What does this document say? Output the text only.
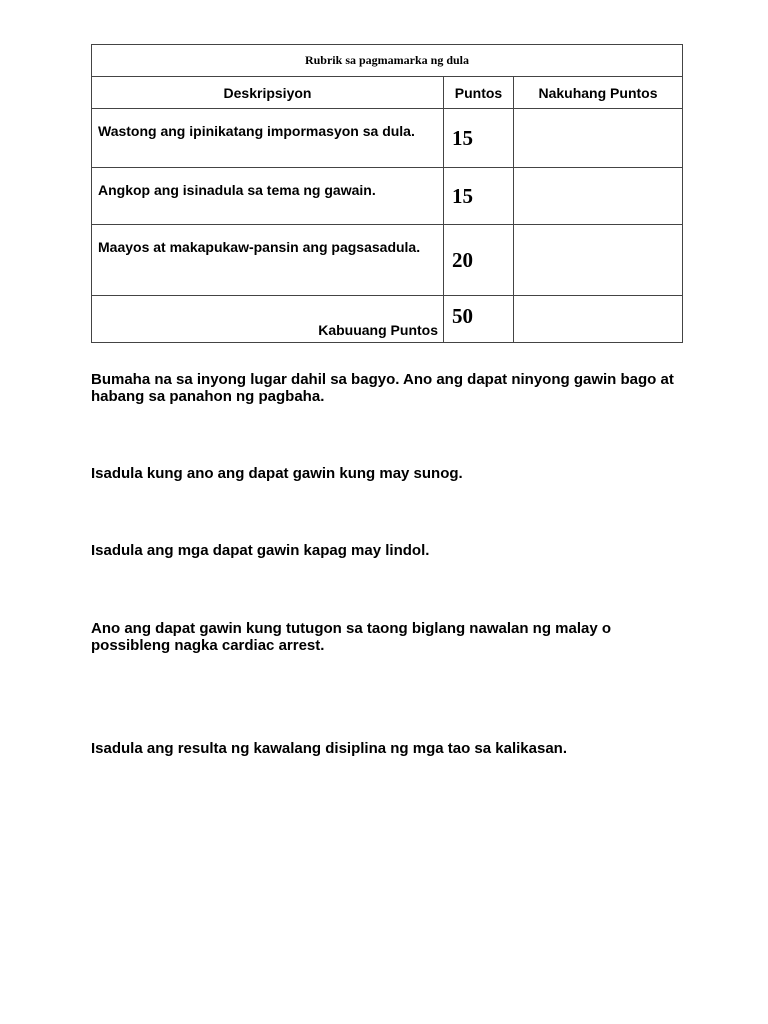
Rubrik sa pagmamarka ng dula		
Deskripsiyon	Puntos	Nakuhang Puntos

Wastong ang ipinikatang impormasyon sa dula.	15	

Angkop ang isinadula sa tema ng gawain.	15	

Maayos at makapukaw-pansin ang pagsasadula.	20	
Kabuuang Puntos	50	

Bumaha na sa inyong lugar dahil sa bagyo. Ano ang dapat ninyong gawin bago at habang sa panahon ng pagbaha.

Isadula kung ano ang dapat gawin kung may sunog.

Isadula ang mga dapat gawin kapag may lindol.

Ano ang dapat gawin kung tutugon sa taong biglang nawalan ng malay o possibleng nagka cardiac arrest.

Isadula ang resulta ng kawalang disiplina ng mga tao sa kalikasan.
